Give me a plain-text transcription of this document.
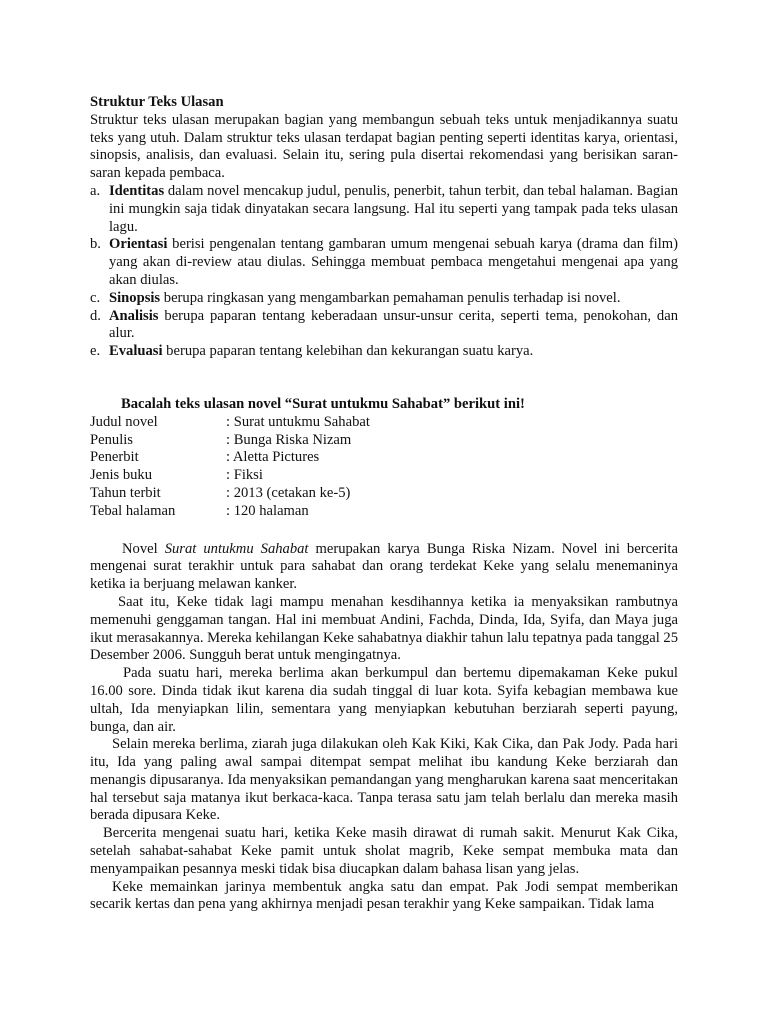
Struktur Teks Ulasan

Struktur teks ulasan merupakan bagian yang membangun sebuah teks untuk menjadikannya suatu teks yang utuh. Dalam struktur teks ulasan terdapat bagian penting seperti identitas karya, orientasi, sinopsis, analisis, dan evaluasi. Selain itu, sering pula disertai rekomendasi yang berisikan saran-saran kepada pembaca.

a. Identitas dalam novel mencakup judul, penulis, penerbit, tahun terbit, dan tebal halaman. Bagian ini mungkin saja tidak dinyatakan secara langsung. Hal itu seperti yang tampak pada teks ulasan lagu.
b. Orientasi berisi pengenalan tentang gambaran umum mengenai sebuah karya (drama dan film) yang akan di-review atau diulas. Sehingga membuat pembaca mengetahui mengenai apa yang akan diulas.
c. Sinopsis berupa ringkasan yang mengambarkan pemahaman penulis terhadap isi novel.
d. Analisis berupa paparan tentang keberadaan unsur-unsur cerita, seperti tema, penokohan, dan alur.
e. Evaluasi berupa paparan tentang kelebihan dan kekurangan suatu karya.

Bacalah teks ulasan novel “Surat untukmu Sahabat” berikut ini!

Judul novel	: Surat untukmu Sahabat
Penulis	: Bunga Riska Nizam
Penerbit	: Aletta Pictures
Jenis buku	: Fiksi
Tahun terbit	: 2013 (cetakan ke-5)
Tebal halaman	: 120 halaman

Novel Surat untukmu Sahabat merupakan karya Bunga Riska Nizam. Novel ini bercerita mengenai surat terakhir untuk para sahabat dan orang terdekat Keke yang selalu menemaninya ketika ia berjuang melawan kanker.

Saat itu, Keke tidak lagi mampu menahan kesdihannya ketika ia menyaksikan rambutnya memenuhi genggaman tangan. Hal ini membuat Andini, Fachda, Dinda, Ida, Syifa, dan Maya juga ikut merasakannya. Mereka kehilangan Keke sahabatnya diakhir tahun lalu tepatnya pada tanggal 25 Desember 2006. Sungguh berat untuk mengingatnya.

Pada suatu hari, mereka berlima akan berkumpul dan bertemu dipemakaman Keke pukul 16.00 sore. Dinda tidak ikut karena dia sudah tinggal di luar kota. Syifa kebagian membawa kue ultah, Ida menyiapkan lilin, sementara yang menyiapkan kebutuhan berziarah seperti payung, bunga, dan air.

Selain mereka berlima, ziarah juga dilakukan oleh Kak Kiki, Kak Cika, dan Pak Jody. Pada hari itu, Ida yang paling awal sampai ditempat sempat melihat ibu kandung Keke berziarah dan menangis dipusaranya. Ida menyaksikan pemandangan yang mengharukan karena saat menceritakan hal tersebut saja matanya ikut berkaca-kaca. Tanpa terasa satu jam telah berlalu dan mereka masih berada dipusara Keke.

Bercerita mengenai suatu hari, ketika Keke masih dirawat di rumah sakit. Menurut Kak Cika, setelah sahabat-sahabat Keke pamit untuk sholat magrib, Keke sempat membuka mata dan menyampaikan pesannya meski tidak bisa diucapkan dalam bahasa lisan yang jelas.

Keke memainkan jarinya membentuk angka satu dan empat. Pak Jodi sempat memberikan secarik kertas dan pena yang akhirnya menjadi pesan terakhir yang Keke sampaikan. Tidak lama
